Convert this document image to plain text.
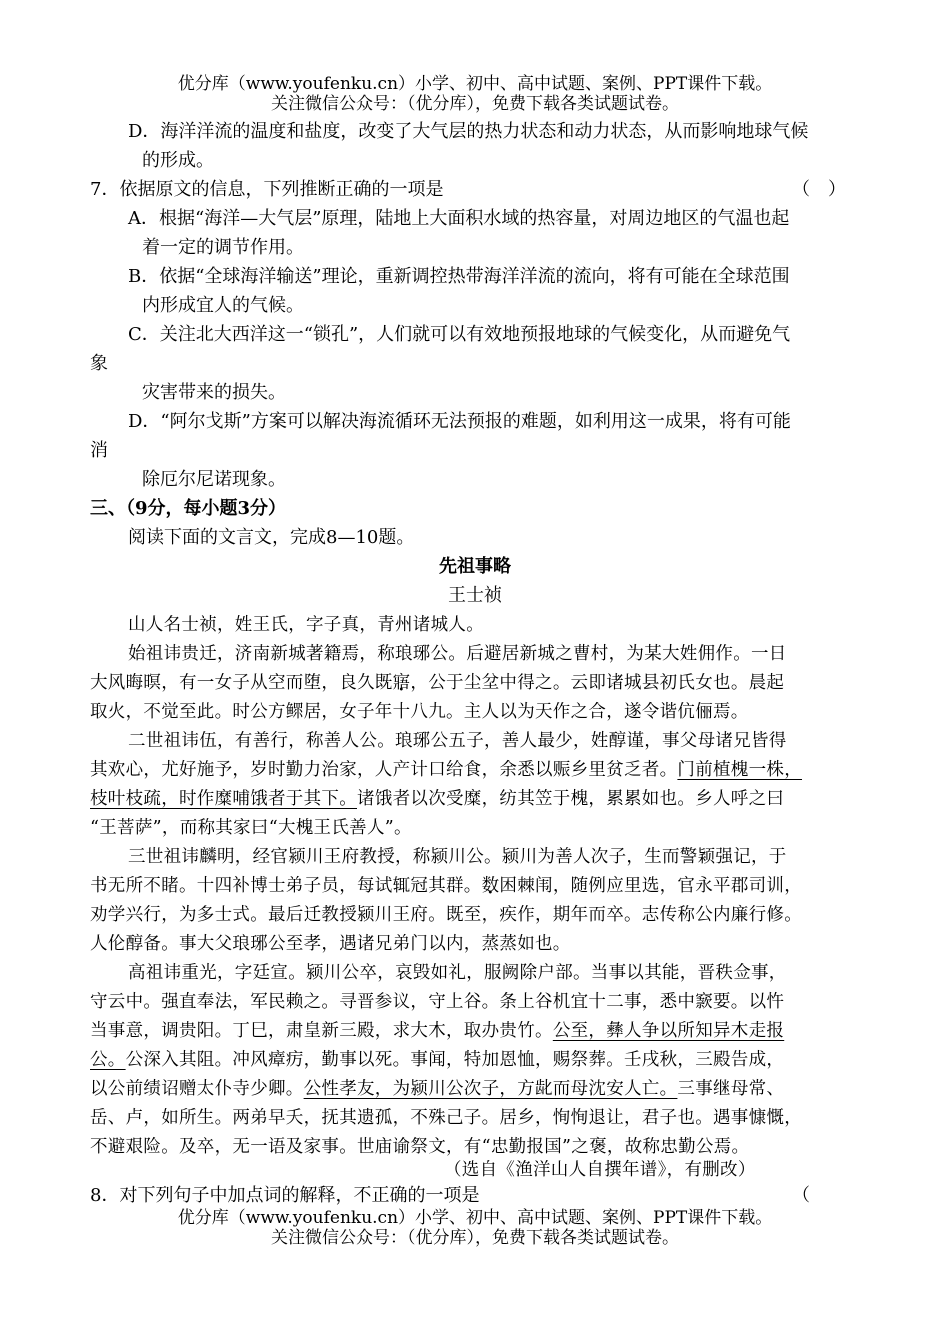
优分库（www.youfenku.cn）小学、初中、高中试题、案例、PPT课件下载。
关注微信公众号：（优分库），免费下载各类试题试卷。
D．海洋洋流的温度和盐度，改变了大气层的热力状态和动力状态，从而影响地球气候
的形成。
7．依据原文的信息，下列推断正确的一项是	（　）
A．根据“海洋—大气层”原理，陆地上大面积水域的热容量，对周边地区的气温也起
着一定的调节作用。
B．依据“全球海洋输送”理论，重新调控热带海洋洋流的流向，将有可能在全球范围
内形成宜人的气候。
C．关注北大西洋这一“锁孔”，人们就可以有效地预报地球的气候变化，从而避免气
象
灾害带来的损失。
D．“阿尔戈斯”方案可以解决海流循环无法预报的难题，如利用这一成果，将有可能
消
除厄尔尼诺现象。
三、（9分，每小题3分）
阅读下面的文言文，完成8—10题。
先祖事略
王士祯
山人名士祯，姓王氏，字子真，青州诸城人。
始祖讳贵迁，济南新城著籍焉，称琅琊公。后避居新城之曹村，为某大姓佣作。一日
大风晦暝，有一女子从空而堕，良久既寤，公于尘坌中得之。云即诸城县初氏女也。晨起
取火，不觉至此。时公方鳏居，女子年十八九。主人以为天作之合，遂令谐伉俪焉。
二世祖讳伍，有善行，称善人公。琅琊公五子，善人最少，姓醇谨，事父母诸兄皆得
其欢心，尤好施予，岁时勤力治家，人产计口给食，余悉以赈乡里贫乏者。门前植槐一株，
枝叶枝疏，时作糜哺饿者于其下。诸饿者以次受糜，纺其笠于槐，累累如也。乡人呼之曰
“王菩萨”，而称其家曰“大槐王氏善人”。
三世祖讳麟明，经官颍川王府教授，称颍川公。颍川为善人次子，生而警颖强记，于
书无所不睹。十四补博士弟子员，每试辄冠其群。数困棘闱，随例应里选，官永平郡司训，
劝学兴行，为多士式。最后迁教授颍川王府。既至，疾作，期年而卒。志传称公内廉行修。
人伦醇备。事大父琅琊公至孝，遇诸兄弟门以内，蒸蒸如也。
高祖讳重光，字廷宣。颍川公卒，哀毁如礼，服阙除户部。当事以其能，晋秩佥事，
守云中。强直奉法，军民赖之。寻晋参议，守上谷。条上谷机宜十二事，悉中窾要。以忤
当事意，调贵阳。丁巳，肃皇新三殿，求大木，取办贵竹。公至，彝人争以所知异木走报
公。公深入其阻。冲风瘴疠，勤事以死。事闻，特加恩恤，赐祭葬。壬戌秋，三殿告成，
以公前绩诏赠太仆寺少卿。公性孝友，为颍川公次子，方龀而母沈安人亡。三事继母常、
岳、卢，如所生。两弟早夭，抚其遗孤，不殊己子。居乡，恂恂退让，君子也。遇事慷慨，
不避艰险。及卒，无一语及家事。世庙谕祭文，有“忠勤报国”之褒，故称忠勤公焉。
（选自《渔洋山人自撰年谱》，有删改）
8．对下列句子中加点词的解释，不正确的一项是	（
优分库（www.youfenku.cn）小学、初中、高中试题、案例、PPT课件下载。
关注微信公众号：（优分库），免费下载各类试题试卷。
